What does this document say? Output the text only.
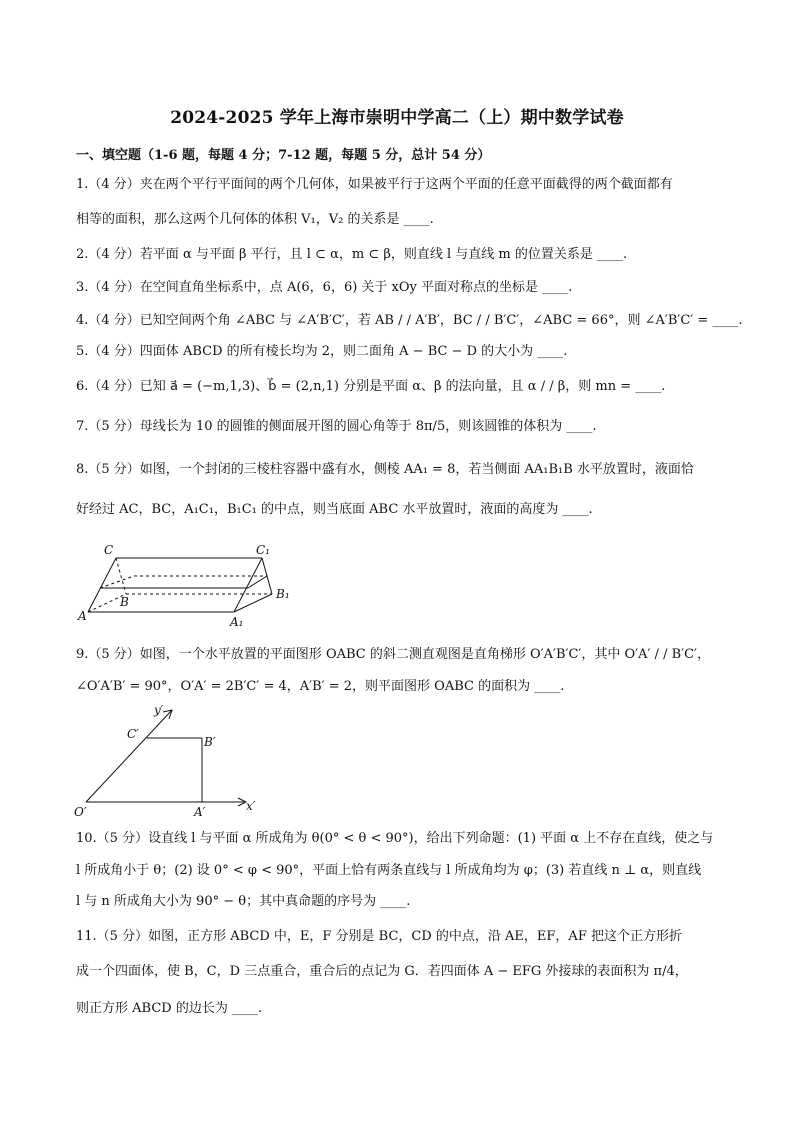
2024-2025 学年上海市崇明中学高二（上）期中数学试卷
一、填空题（1-6 题，每题 4 分；7-12 题，每题 5 分，总计 54 分）
1.（4 分）夹在两个平行平面间的两个几何体，如果被平行于这两个平面的任意平面截得的两个截面都有
相等的面积，那么这两个几何体的体积 V₁，V₂ 的关系是 ____.
2.（4 分）若平面 α 与平面 β 平行，且 l ⊂ α，m ⊂ β，则直线 l 与直线 m 的位置关系是 ____.
3.（4 分）在空间直角坐标系中，点 A(6，6，6) 关于 xOy 平面对称点的坐标是 ____.
4.（4 分）已知空间两个角 ∠ABC 与 ∠A′B′C′，若 AB / / A′B′，BC / / B′C′，∠ABC = 66°，则 ∠A′B′C′ = ____.
5.（4 分）四面体 ABCD 的所有棱长均为 2，则二面角 A − BC − D 的大小为 ____.
6.（4 分）已知 a⃗ = (−m,1,3)、b⃗ = (2,n,1) 分别是平面 α、β 的法向量，且 α / / β，则 mn = ____.
7.（5 分）母线长为 10 的圆锥的侧面展开图的圆心角等于 8π/5，则该圆锥的体积为 ____.
8.（5 分）如图，一个封闭的三棱柱容器中盛有水，侧棱 AA₁ = 8，若当侧面 AA₁B₁B 水平放置时，液面恰
好经过 AC，BC，A₁C₁，B₁C₁ 的中点，则当底面 ABC 水平放置时，液面的高度为 ____.
C	C₁
A
B
A₁
B₁
9.（5 分）如图，一个水平放置的平面图形 OABC 的斜二测直观图是直角梯形 O′A′B′C′，其中 O′A′ / / B′C′，
∠O′A′B′ = 90°，O′A′ = 2B′C′ = 4，A′B′ = 2，则平面图形 OABC 的面积为 ____.
y′
C′
B′
O′	A′	x′
10.（5 分）设直线 l 与平面 α 所成角为 θ(0° < θ < 90°)，给出下列命题：(1) 平面 α 上不存在直线，使之与
l 所成角小于 θ；(2) 设 0° < φ < 90°，平面上恰有两条直线与 l 所成角均为 φ；(3) 若直线 n ⊥ α，则直线
l 与 n 所成角大小为 90° − θ；其中真命题的序号为 ____.
11.（5 分）如图，正方形 ABCD 中，E，F 分别是 BC，CD 的中点，沿 AE，EF，AF 把这个正方形折
成一个四面体，使 B，C，D 三点重合，重合后的点记为 G．若四面体 A − EFG 外接球的表面积为 π/4，
则正方形 ABCD 的边长为 ____.
